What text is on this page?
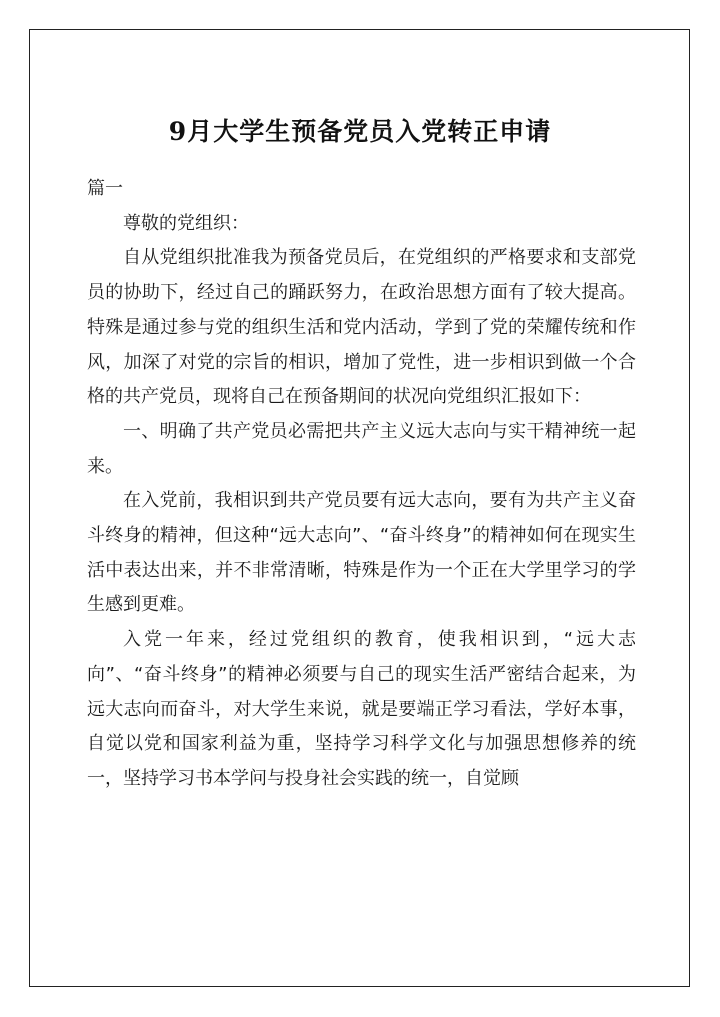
9月大学生预备党员入党转正申请

篇一

尊敬的党组织：

自从党组织批准我为预备党员后，在党组织的严格要求和支部党员的协助下，经过自己的踊跃努力，在政治思想方面有了较大提高。特殊是通过参与党的组织生活和党内活动，学到了党的荣耀传统和作风，加深了对党的宗旨的相识，增加了党性，进一步相识到做一个合格的共产党员，现将自己在预备期间的状况向党组织汇报如下：

一、明确了共产党员必需把共产主义远大志向与实干精神统一起来。

在入党前，我相识到共产党员要有远大志向，要有为共产主义奋斗终身的精神，但这种“远大志向”、“奋斗终身”的精神如何在现实生活中表达出来，并不非常清晰，特殊是作为一个正在大学里学习的学生感到更难。

入党一年来，经过党组织的教育，使我相识到，“远大志向”、“奋斗终身”的精神必须要与自己的现实生活严密结合起来，为远大志向而奋斗，对大学生来说，就是要端正学习看法，学好本事，自觉以党和国家利益为重，坚持学习科学文化与加强思想修养的统一，坚持学习书本学问与投身社会实践的统一，自觉顾
